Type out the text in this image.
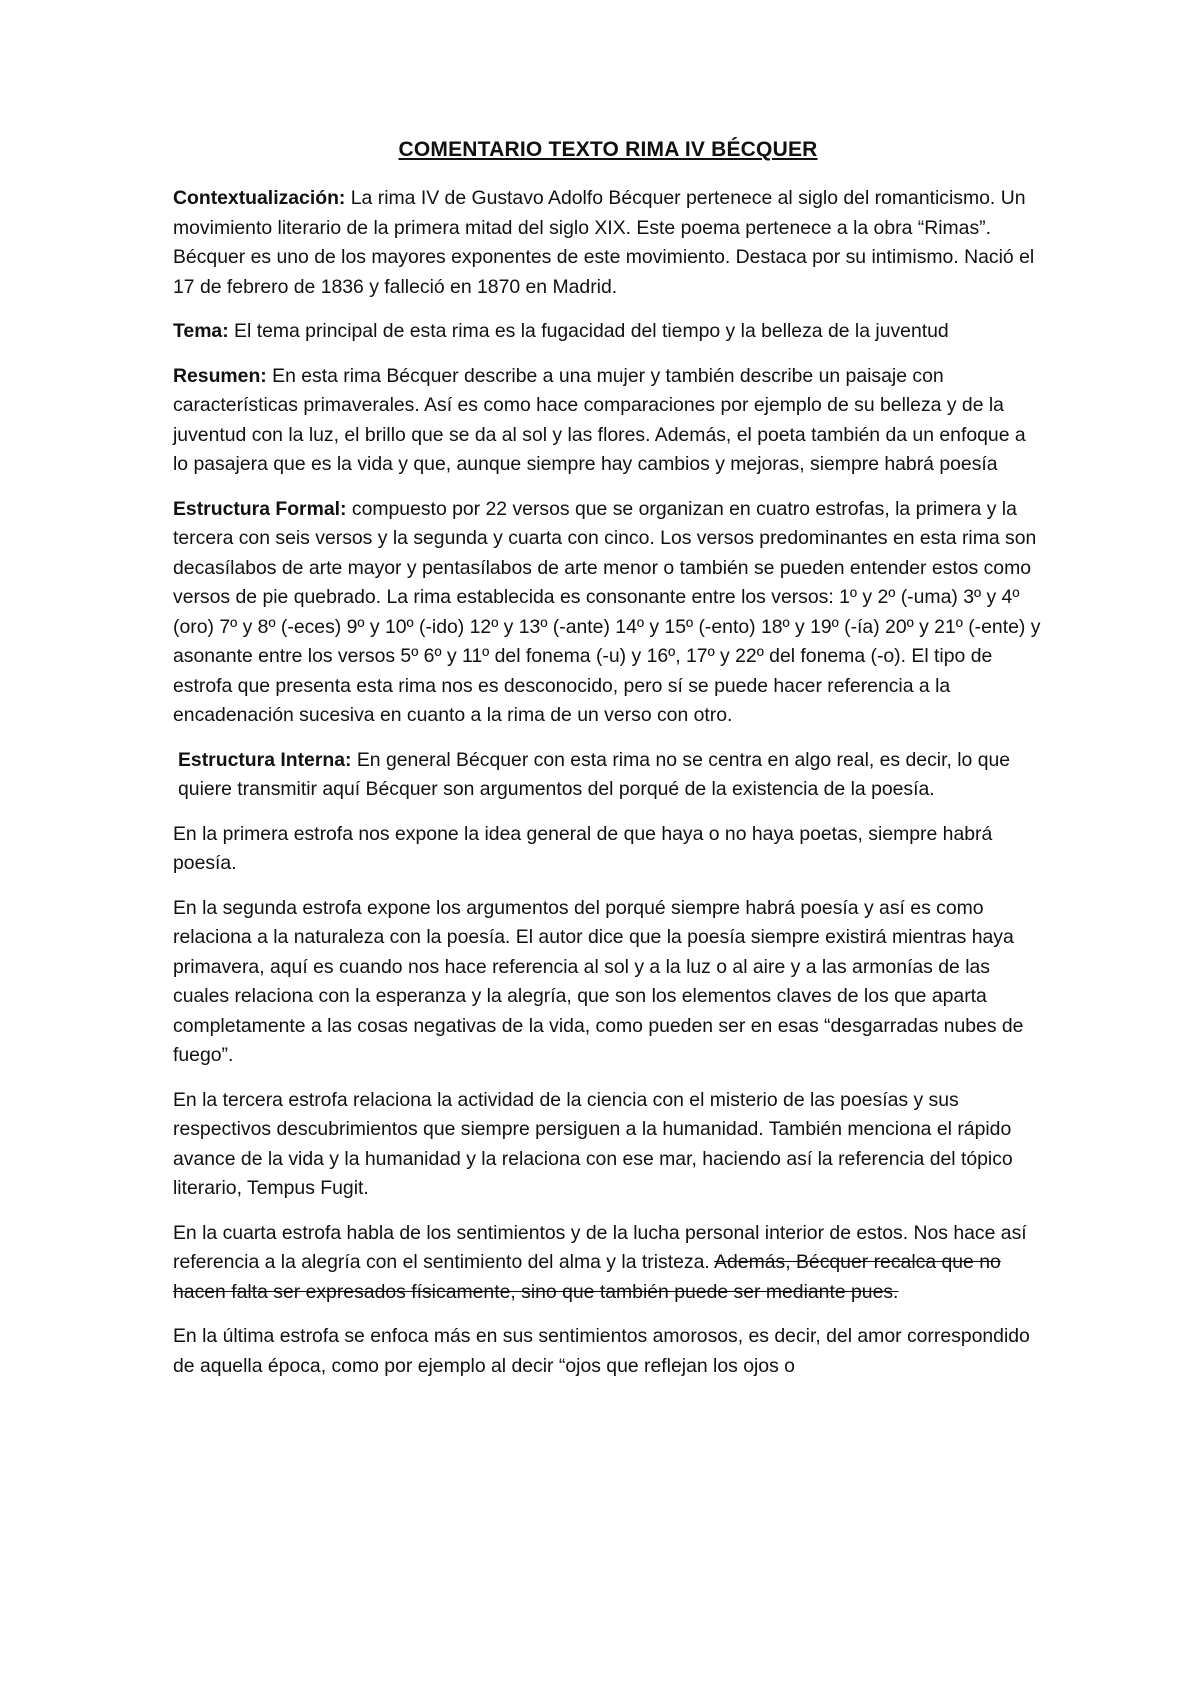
COMENTARIO TEXTO RIMA IV BÉCQUER

Contextualización: La rima IV de Gustavo Adolfo Bécquer pertenece al siglo del romanticismo. Un movimiento literario de la primera mitad del siglo XIX. Este poema pertenece a la obra “Rimas”. Bécquer es uno de los mayores exponentes de este movimiento. Destaca por su intimismo. Nació el 17 de febrero de 1836 y falleció en 1870 en Madrid.

Tema: El tema principal de esta rima es la fugacidad del tiempo y la belleza de la juventud

Resumen: En esta rima Bécquer describe a una mujer y también describe un paisaje con características primaverales. Así es como hace comparaciones por ejemplo de su belleza y de la juventud con la luz, el brillo que se da al sol y las flores. Además, el poeta también da un enfoque a lo pasajera que es la vida y que, aunque siempre hay cambios y mejoras, siempre habrá poesía

Estructura Formal: compuesto por 22 versos que se organizan en cuatro estrofas, la primera y la tercera con seis versos y la segunda y cuarta con cinco. Los versos predominantes en esta rima son decasílabos de arte mayor y pentasílabos de arte menor o también se pueden entender estos como versos de pie quebrado. La rima establecida es consonante entre los versos: 1º y 2º (-uma) 3º y 4º (oro) 7º y 8º (-eces) 9º y 10º (-ido) 12º y 13º (-ante) 14º y 15º (-ento) 18º y 19º (-ía) 20º y 21º (-ente) y asonante entre los versos 5º 6º y 11º del fonema (-u) y 16º, 17º y 22º del fonema (-o). El tipo de estrofa que presenta esta rima nos es desconocido, pero sí se puede hacer referencia a la encadenación sucesiva en cuanto a la rima de un verso con otro.

Estructura Interna: En general Bécquer con esta rima no se centra en algo real, es decir, lo que quiere transmitir aquí Bécquer son argumentos del porqué de la existencia de la poesía.

En la primera estrofa nos expone la idea general de que haya o no haya poetas, siempre habrá poesía.

En la segunda estrofa expone los argumentos del porqué siempre habrá poesía y así es como relaciona a la naturaleza con la poesía. El autor dice que la poesía siempre existirá mientras haya primavera, aquí es cuando nos hace referencia al sol y a la luz o al aire y a las armonías de las cuales relaciona con la esperanza y la alegría, que son los elementos claves de los que aparta completamente a las cosas negativas de la vida, como pueden ser en esas “desgarradas nubes de fuego”.

En la tercera estrofa relaciona la actividad de la ciencia con el misterio de las poesías y sus respectivos descubrimientos que siempre persiguen a la humanidad. También menciona el rápido avance de la vida y la humanidad y la relaciona con ese mar, haciendo así la referencia del tópico literario, Tempus Fugit.

En la cuarta estrofa habla de los sentimientos y de la lucha personal interior de estos. Nos hace así referencia a la alegría con el sentimiento del alma y la tristeza. Además, Bécquer recalca que no hacen falta ser expresados físicamente, sino que también puede ser mediante pues.

En la última estrofa se enfoca más en sus sentimientos amorosos, es decir, del amor correspondido de aquella época, como por ejemplo al decir “ojos que reflejan los ojos o
